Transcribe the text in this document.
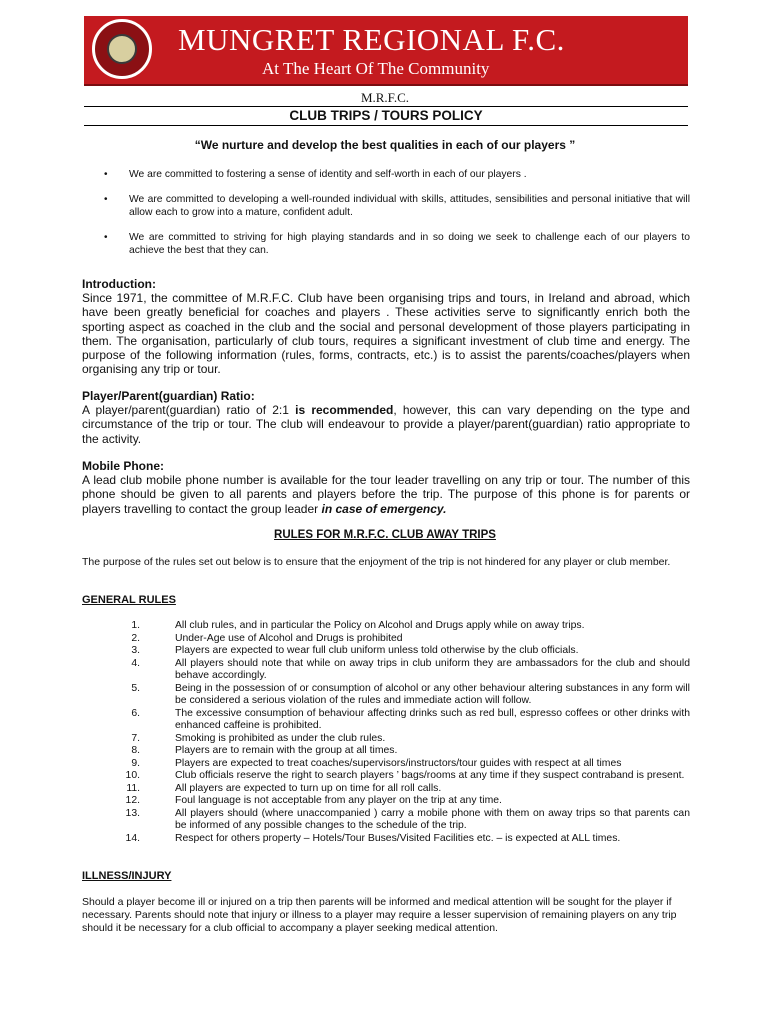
MUNGRET REGIONAL F.C.
At The Heart Of The Community
M.R.F.C.
CLUB TRIPS / TOURS POLICY
“We nurture and develop the best qualities in each of our players ”
• We are committed to fostering a sense of identity and self-worth in each of our players .
• We are committed to developing a well-rounded individual with skills, attitudes, sensibilities and personal initiative that will allow each to grow into a mature, confident adult.
• We are committed to striving for high playing standards and in so doing we seek to challenge each of our players to achieve the best that they can.
Introduction:

Since 1971, the committee of M.R.F.C. Club have been organising trips and tours, in Ireland and abroad, which have been greatly beneficial for coaches and players . These activities serve to significantly enrich both the sporting aspect as coached in the club and the social and personal development of those players participating in them. The organisation, particularly of club tours, requires a significant investment of club time and energy. The purpose of the following information (rules, forms, contracts, etc.) is to assist the parents/coaches/players when organising any trip or tour.

Player/Parent(guardian) Ratio:

A player/parent(guardian) ratio of 2:1 is recommended, however, this can vary depending on the type and circumstance of the trip or tour. The club will endeavour to provide a player/parent(guardian) ratio appropriate to the activity.

Mobile Phone:

A lead club mobile phone number is available for the tour leader travelling on any trip or tour. The number of this phone should be given to all parents and players before the trip. The purpose of this phone is for parents or players travelling to contact the group leader in case of emergency.

RULES FOR M.R.F.C. CLUB AWAY TRIPS
The purpose of the rules set out below is to ensure that the enjoyment of the trip is not hindered for any player or club member.
GENERAL RULES
1.	All club rules, and in particular the Policy on Alcohol and Drugs apply while on away trips.
2.	Under-Age use of Alcohol and Drugs is prohibited
3.	Players are expected to wear full club uniform unless told otherwise by the club officials.
4.	All players should note that while on away trips in club uniform they are ambassadors for the club and should behave accordingly.
5.	Being in the possession of or consumption of alcohol or any other behaviour altering substances in any form will be considered a serious violation of the rules and immediate action will follow.
6.	The excessive consumption of behaviour affecting drinks such as red bull, espresso coffees or other drinks with enhanced caffeine is prohibited.
7.	Smoking is prohibited as under the club rules.
8.	Players are to remain with the group at all times.
9.	Players are expected to treat coaches/supervisors/instructors/tour guides with respect at all times
10.	Club officials reserve the right to search players ’ bags/rooms at any time if they suspect contraband is present.
11.	All players are expected to turn up on time for all roll calls.
12.	Foul language is not acceptable from any player on the trip at any time.
13.	All players should (where unaccompanied ) carry a mobile phone with them on away trips so that parents can be informed of any possible changes to the schedule of the trip.
14.	Respect for others property – Hotels/Tour Buses/Visited Facilities etc. – is expected at ALL times.
ILLNESS/INJURY
Should a player become ill or injured on a trip then parents will be informed and medical attention will be sought for the player if necessary. Parents should note that injury or illness to a player may require a lesser supervision of remaining players on any trip should it be necessary for a club official to accompany a player seeking medical attention.
